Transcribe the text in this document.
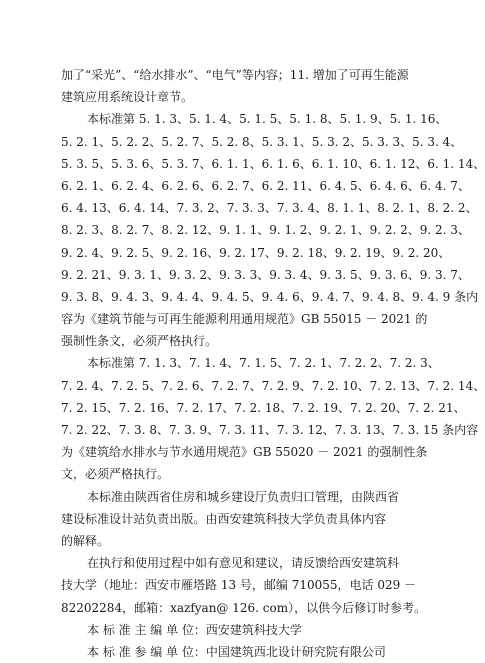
加了“采光”、“给水排水”、“电气”等内容；11. 增加了可再生能源
建筑应用系统设计章节。
本标准第 5. 1. 3、5. 1. 4、5. 1. 5、5. 1. 8、5. 1. 9、5. 1. 16、
5. 2. 1、5. 2. 2、5. 2. 7、5. 2. 8、5. 3. 1、5. 3. 2、5. 3. 3、5. 3. 4、
5. 3. 5、5. 3. 6、5. 3. 7、6. 1. 1、6. 1. 6、6. 1. 10、6. 1. 12、6. 1. 14、
6. 2. 1、6. 2. 4、6. 2. 6、6. 2. 7、6. 2. 11、6. 4. 5、6. 4. 6、6. 4. 7、
6. 4. 13、6. 4. 14、7. 3. 2、7. 3. 3、7. 3. 4、8. 1. 1、8. 2. 1、8. 2. 2、
8. 2. 3、8. 2. 7、8. 2. 12、9. 1. 1、9. 1. 2、9. 2. 1、9. 2. 2、9. 2. 3、
9. 2. 4、9. 2. 5、9. 2. 16、9. 2. 17、9. 2. 18、9. 2. 19、9. 2. 20、
9. 2. 21、9. 3. 1、9. 3. 2、9. 3. 3、9. 3. 4、9. 3. 5、9. 3. 6、9. 3. 7、
9. 3. 8、9. 4. 3、9. 4. 4、9. 4. 5、9. 4. 6、9. 4. 7、9. 4. 8、9. 4. 9 条内
容为《建筑节能与可再生能源利用通用规范》GB 55015 － 2021 的
强制性条文，必须严格执行。
本标准第 7. 1. 3、7. 1. 4、7. 1. 5、7. 2. 1、7. 2. 2、7. 2. 3、
7. 2. 4、7. 2. 5、7. 2. 6、7. 2. 7、7. 2. 9、7. 2. 10、7. 2. 13、7. 2. 14、
7. 2. 15、7. 2. 16、7. 2. 17、7. 2. 18、7. 2. 19、7. 2. 20、7. 2. 21、
7. 2. 22、7. 3. 8、7. 3. 9、7. 3. 11、7. 3. 12、7. 3. 13、7. 3. 15 条内容
为《建筑给水排水与节水通用规范》GB 55020 － 2021 的强制性条
文，必须严格执行。
本标准由陕西省住房和城乡建设厅负责归口管理，由陕西省
建设标准设计站负责出版。由西安建筑科技大学负责具体内容
的解释。
在执行和使用过程中如有意见和建议，请反馈给西安建筑科
技大学（地址：西安市雁塔路 13 号，邮编 710055，电话 029 －
82202284，邮箱：xazfyan@ 126. com），以供今后修订时参考。
本 标 准 主 编 单 位：西安建筑科技大学
本 标 准 参 编 单 位：中国建筑西北设计研究院有限公司
